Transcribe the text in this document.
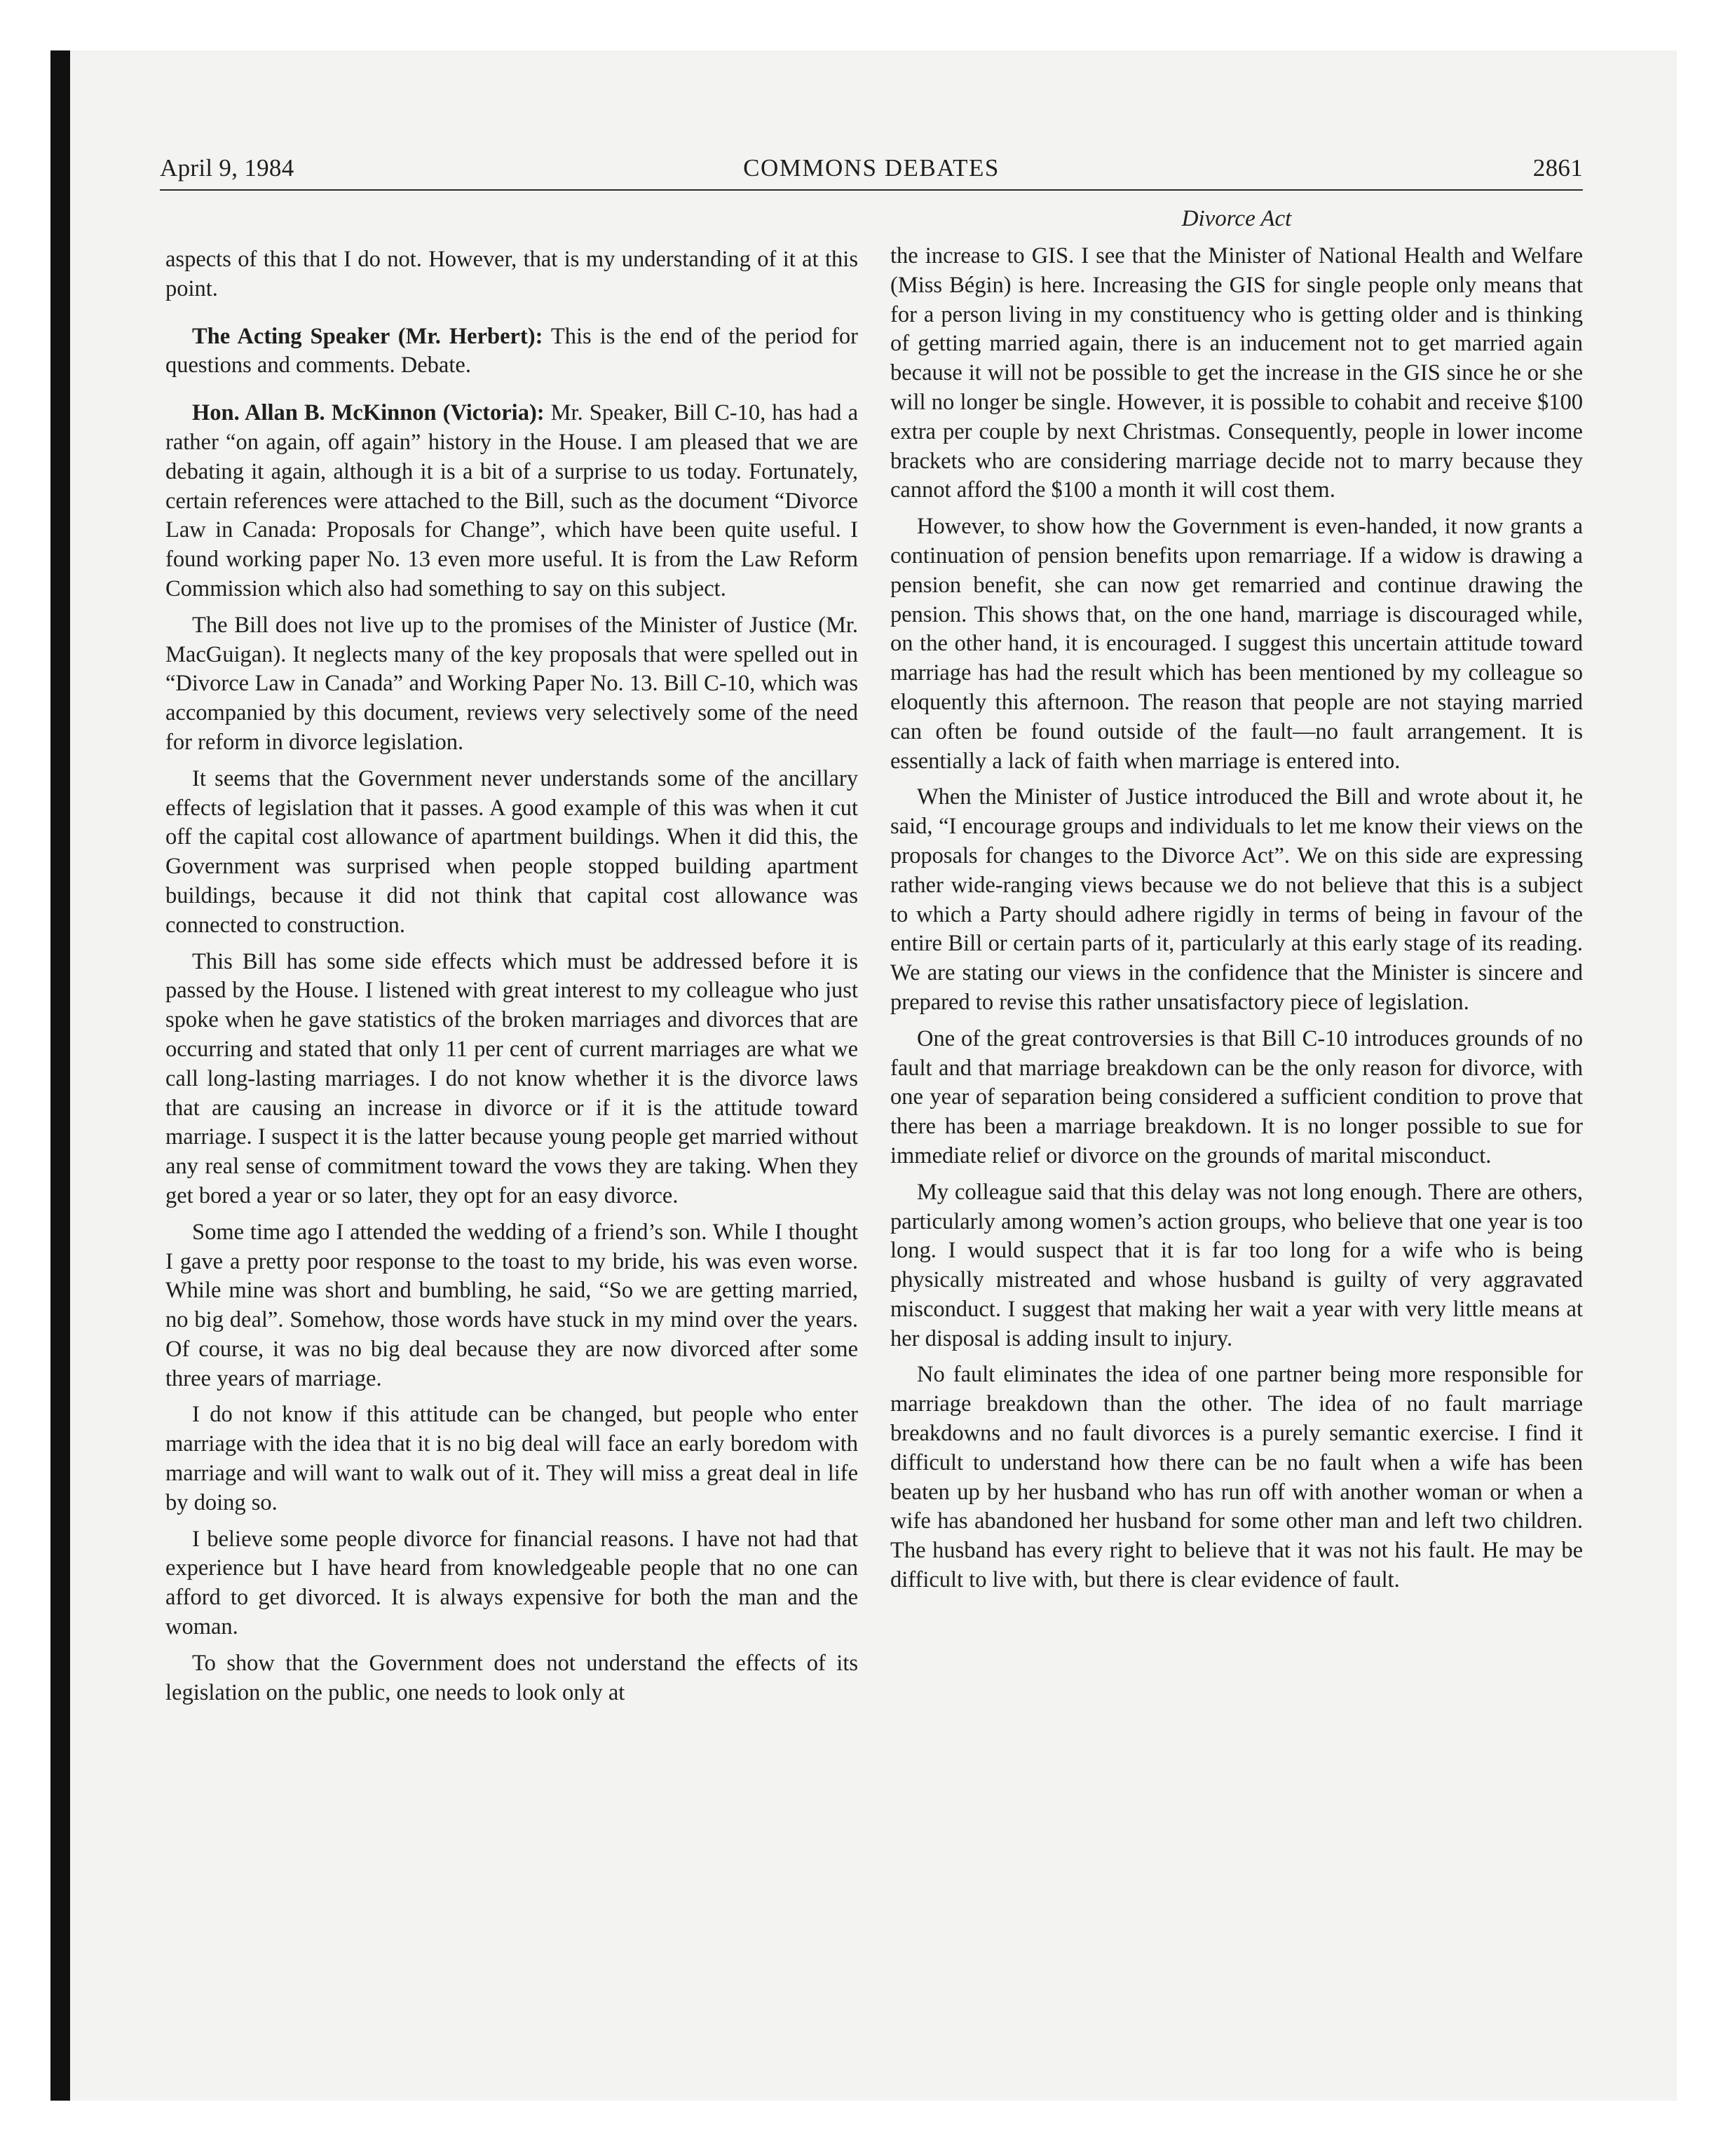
April 9, 1984	COMMONS DEBATES	2861
Divorce Act

aspects of this that I do not. However, that is my understanding of it at this point.

The Acting Speaker (Mr. Herbert): This is the end of the period for questions and comments. Debate.

Hon. Allan B. McKinnon (Victoria): Mr. Speaker, Bill C-10, has had a rather “on again, off again” history in the House. I am pleased that we are debating it again, although it is a bit of a surprise to us today. Fortunately, certain references were attached to the Bill, such as the document “Divorce Law in Canada: Proposals for Change”, which have been quite useful. I found working paper No. 13 even more useful. It is from the Law Reform Commission which also had something to say on this subject.

The Bill does not live up to the promises of the Minister of Justice (Mr. MacGuigan). It neglects many of the key proposals that were spelled out in “Divorce Law in Canada” and Working Paper No. 13. Bill C-10, which was accompanied by this document, reviews very selectively some of the need for reform in divorce legislation.

It seems that the Government never understands some of the ancillary effects of legislation that it passes. A good example of this was when it cut off the capital cost allowance of apartment buildings. When it did this, the Government was surprised when people stopped building apartment buildings, because it did not think that capital cost allowance was connected to construction.

This Bill has some side effects which must be addressed before it is passed by the House. I listened with great interest to my colleague who just spoke when he gave statistics of the broken marriages and divorces that are occurring and stated that only 11 per cent of current marriages are what we call long-lasting marriages. I do not know whether it is the divorce laws that are causing an increase in divorce or if it is the attitude toward marriage. I suspect it is the latter because young people get married without any real sense of commitment toward the vows they are taking. When they get bored a year or so later, they opt for an easy divorce.

Some time ago I attended the wedding of a friend’s son. While I thought I gave a pretty poor response to the toast to my bride, his was even worse. While mine was short and bumbling, he said, “So we are getting married, no big deal”. Somehow, those words have stuck in my mind over the years. Of course, it was no big deal because they are now divorced after some three years of marriage.

I do not know if this attitude can be changed, but people who enter marriage with the idea that it is no big deal will face an early boredom with marriage and will want to walk out of it. They will miss a great deal in life by doing so.

I believe some people divorce for financial reasons. I have not had that experience but I have heard from knowledgeable people that no one can afford to get divorced. It is always expensive for both the man and the woman.

To show that the Government does not understand the effects of its legislation on the public, one needs to look only at

the increase to GIS. I see that the Minister of National Health and Welfare (Miss Bégin) is here. Increasing the GIS for single people only means that for a person living in my constituency who is getting older and is thinking of getting married again, there is an inducement not to get married again because it will not be possible to get the increase in the GIS since he or she will no longer be single. However, it is possible to cohabit and receive $100 extra per couple by next Christmas. Consequently, people in lower income brackets who are considering marriage decide not to marry because they cannot afford the $100 a month it will cost them.

However, to show how the Government is even-handed, it now grants a continuation of pension benefits upon remarriage. If a widow is drawing a pension benefit, she can now get remarried and continue drawing the pension. This shows that, on the one hand, marriage is discouraged while, on the other hand, it is encouraged. I suggest this uncertain attitude toward marriage has had the result which has been mentioned by my colleague so eloquently this afternoon. The reason that people are not staying married can often be found outside of the fault—no fault arrangement. It is essentially a lack of faith when marriage is entered into.

When the Minister of Justice introduced the Bill and wrote about it, he said, “I encourage groups and individuals to let me know their views on the proposals for changes to the Divorce Act”. We on this side are expressing rather wide-ranging views because we do not believe that this is a subject to which a Party should adhere rigidly in terms of being in favour of the entire Bill or certain parts of it, particularly at this early stage of its reading. We are stating our views in the confidence that the Minister is sincere and prepared to revise this rather unsatisfactory piece of legislation.

One of the great controversies is that Bill C-10 introduces grounds of no fault and that marriage breakdown can be the only reason for divorce, with one year of separation being considered a sufficient condition to prove that there has been a marriage breakdown. It is no longer possible to sue for immediate relief or divorce on the grounds of marital misconduct.

My colleague said that this delay was not long enough. There are others, particularly among women’s action groups, who believe that one year is too long. I would suspect that it is far too long for a wife who is being physically mistreated and whose husband is guilty of very aggravated misconduct. I suggest that making her wait a year with very little means at her disposal is adding insult to injury.

No fault eliminates the idea of one partner being more responsible for marriage breakdown than the other. The idea of no fault marriage breakdowns and no fault divorces is a purely semantic exercise. I find it difficult to understand how there can be no fault when a wife has been beaten up by her husband who has run off with another woman or when a wife has abandoned her husband for some other man and left two children. The husband has every right to believe that it was not his fault. He may be difficult to live with, but there is clear evidence of fault.
